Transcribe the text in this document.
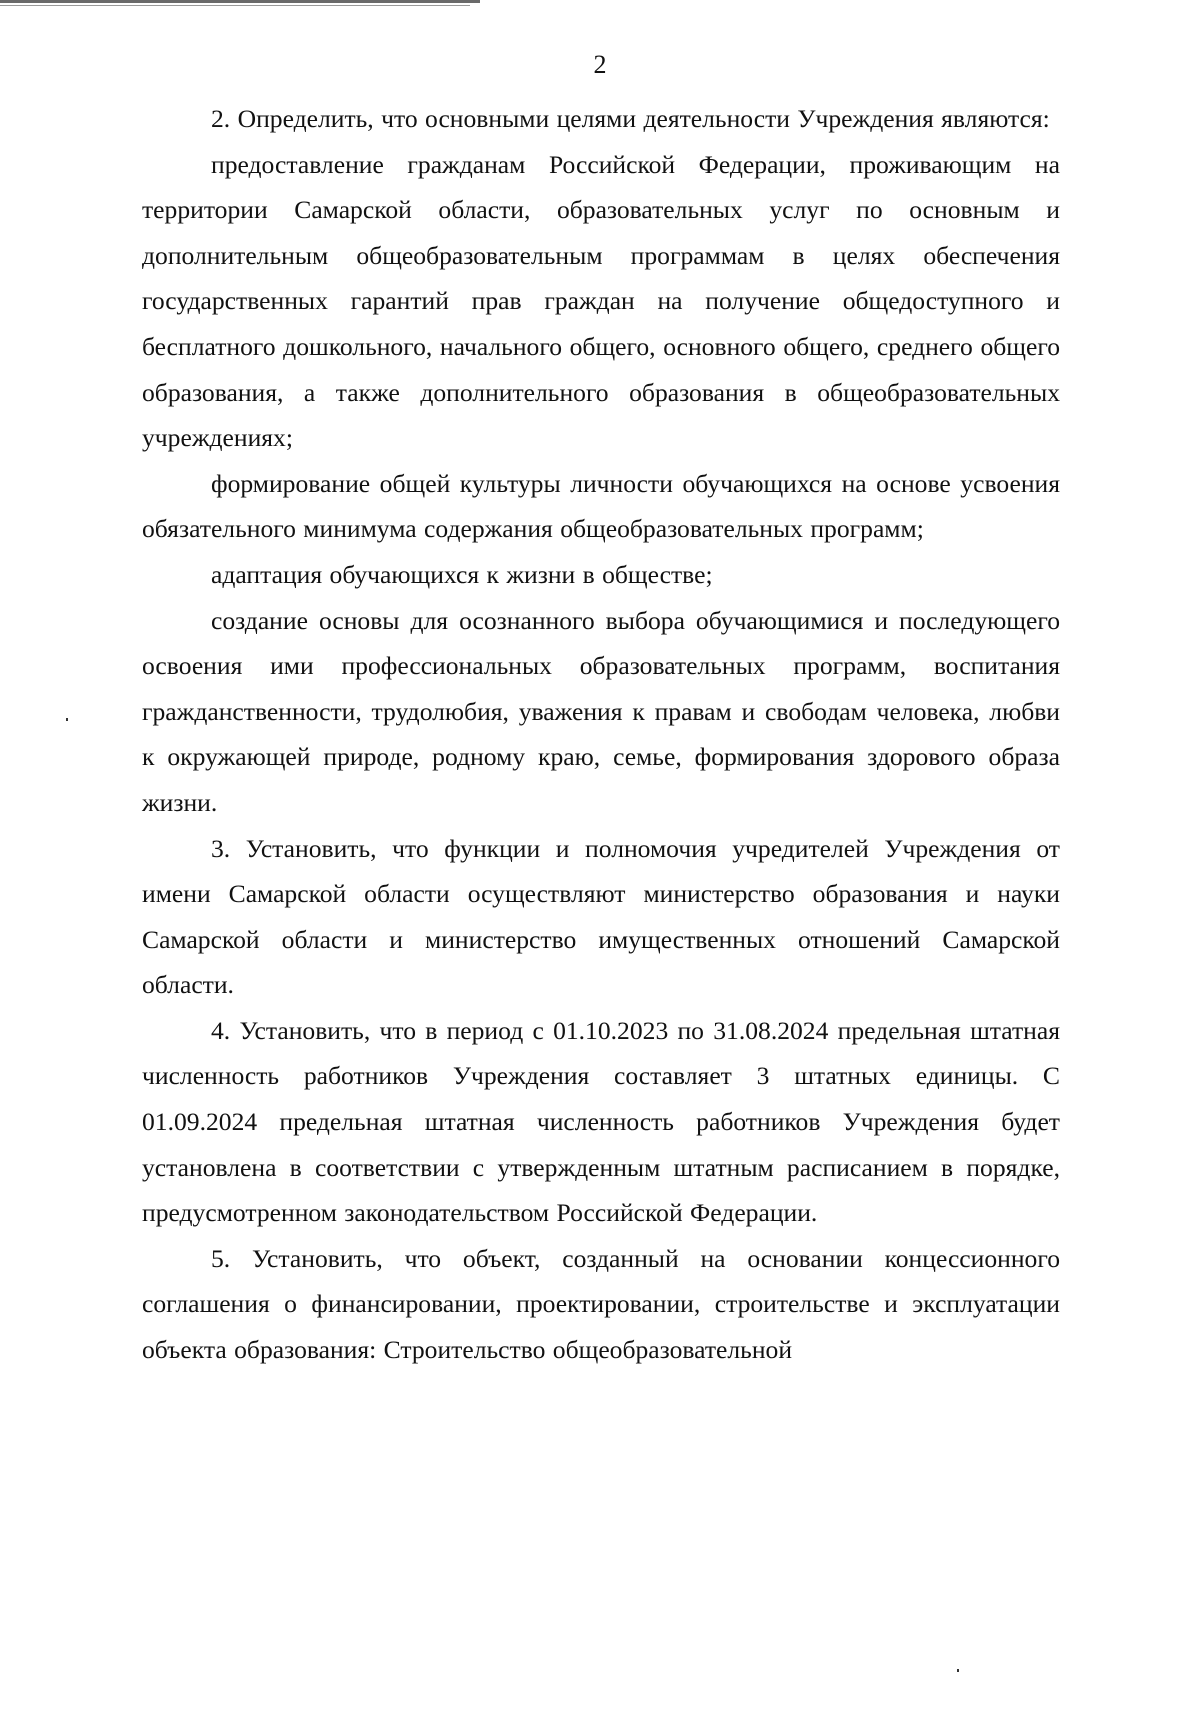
2

2. Определить, что основными целями деятельности Учреждения являются:

предоставление гражданам Российской Федерации, проживающим на территории Самарской области, образовательных услуг по основным и дополнительным общеобразовательным программам в целях обеспечения государственных гарантий прав граждан на получение общедоступного и бесплатного дошкольного, начального общего, основного общего, среднего общего образования, а также дополнительного образования в общеобразовательных учреждениях;

формирование общей культуры личности обучающихся на основе усвоения обязательного минимума содержания общеобразовательных программ;

адаптация обучающихся к жизни в обществе;

создание основы для осознанного выбора обучающимися и последующего освоения ими профессиональных образовательных программ, воспитания гражданственности, трудолюбия, уважения к правам и свободам человека, любви к окружающей природе, родному краю, семье, формирования здорового образа жизни.

3. Установить, что функции и полномочия учредителей Учреждения от имени Самарской области осуществляют министерство образования и науки Самарской области и министерство имущественных отношений Самарской области.

4. Установить, что в период с 01.10.2023 по 31.08.2024 предельная штатная численность работников Учреждения составляет 3 штатных единицы. С 01.09.2024 предельная штатная численность работников Учреждения будет установлена в соответствии с утвержденным штатным расписанием в порядке, предусмотренном законодательством Российской Федерации.

5. Установить, что объект, созданный на основании концессионного соглашения о финансировании, проектировании, строительстве и эксплуатации объекта образования: Строительство общеобразовательной
